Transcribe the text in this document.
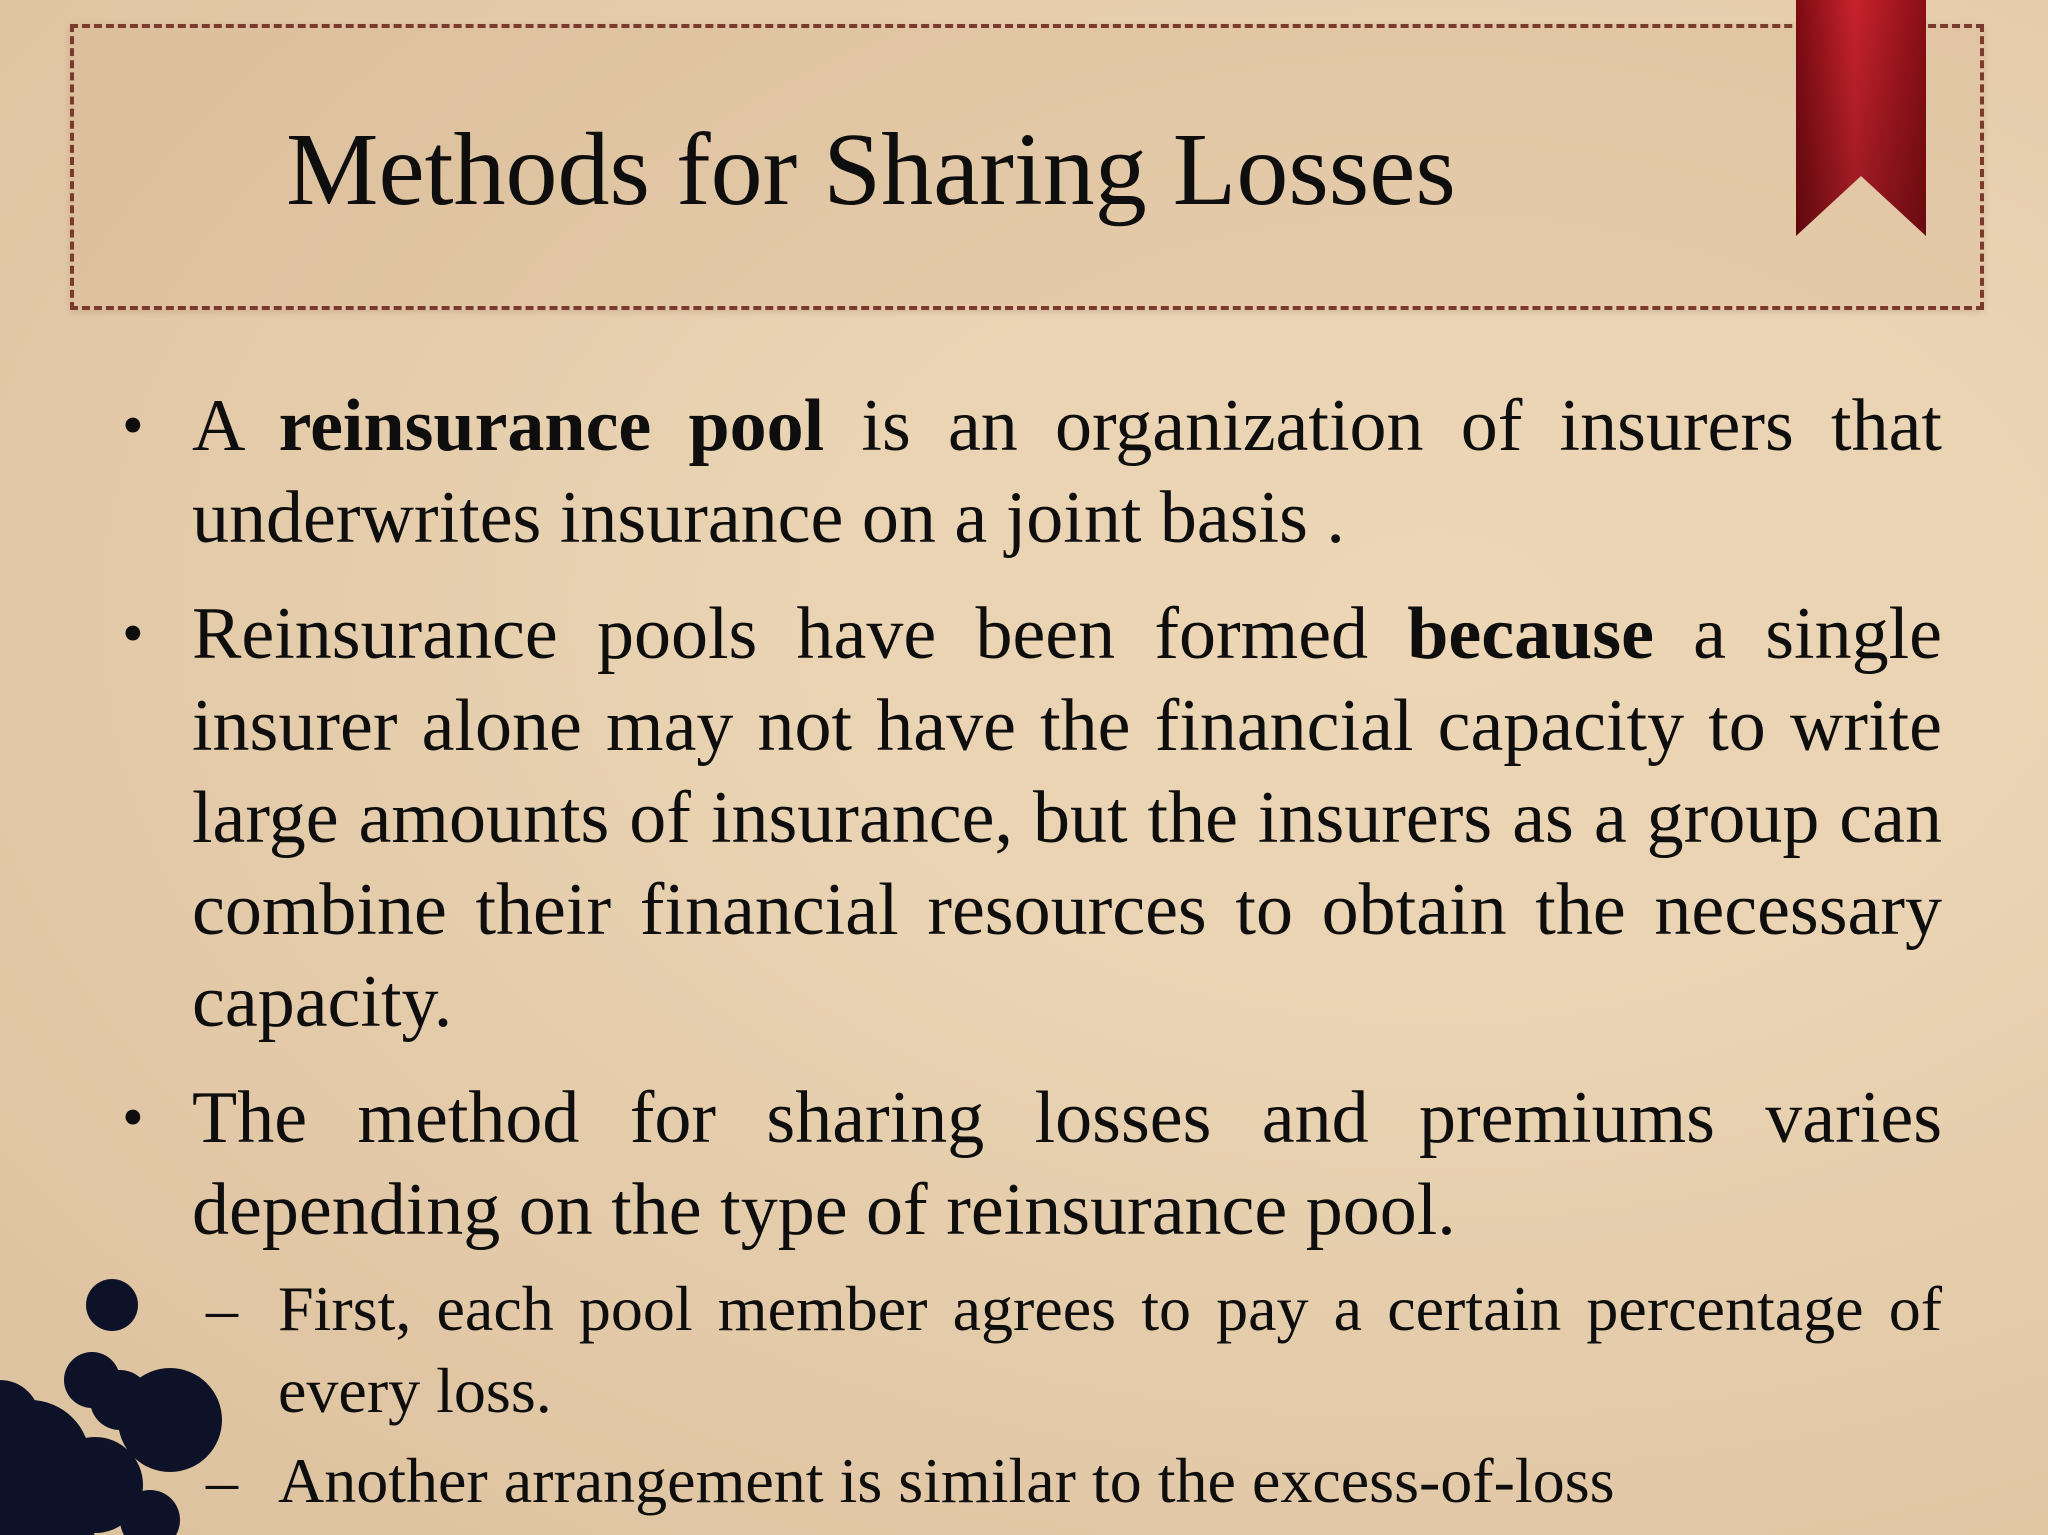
Methods for Sharing Losses

• A reinsurance pool is an organization of insurers that underwrites insurance on a joint basis .

• Reinsurance pools have been formed because a single insurer alone may not have the financial capacity to write large amounts of insurance, but the insurers as a group can combine their financial resources to obtain the necessary capacity.

• The method for sharing losses and premiums varies depending on the type of reinsurance pool.

– First, each pool member agrees to pay a certain percentage of every loss.

– Another arrangement is similar to the excess-of-loss
